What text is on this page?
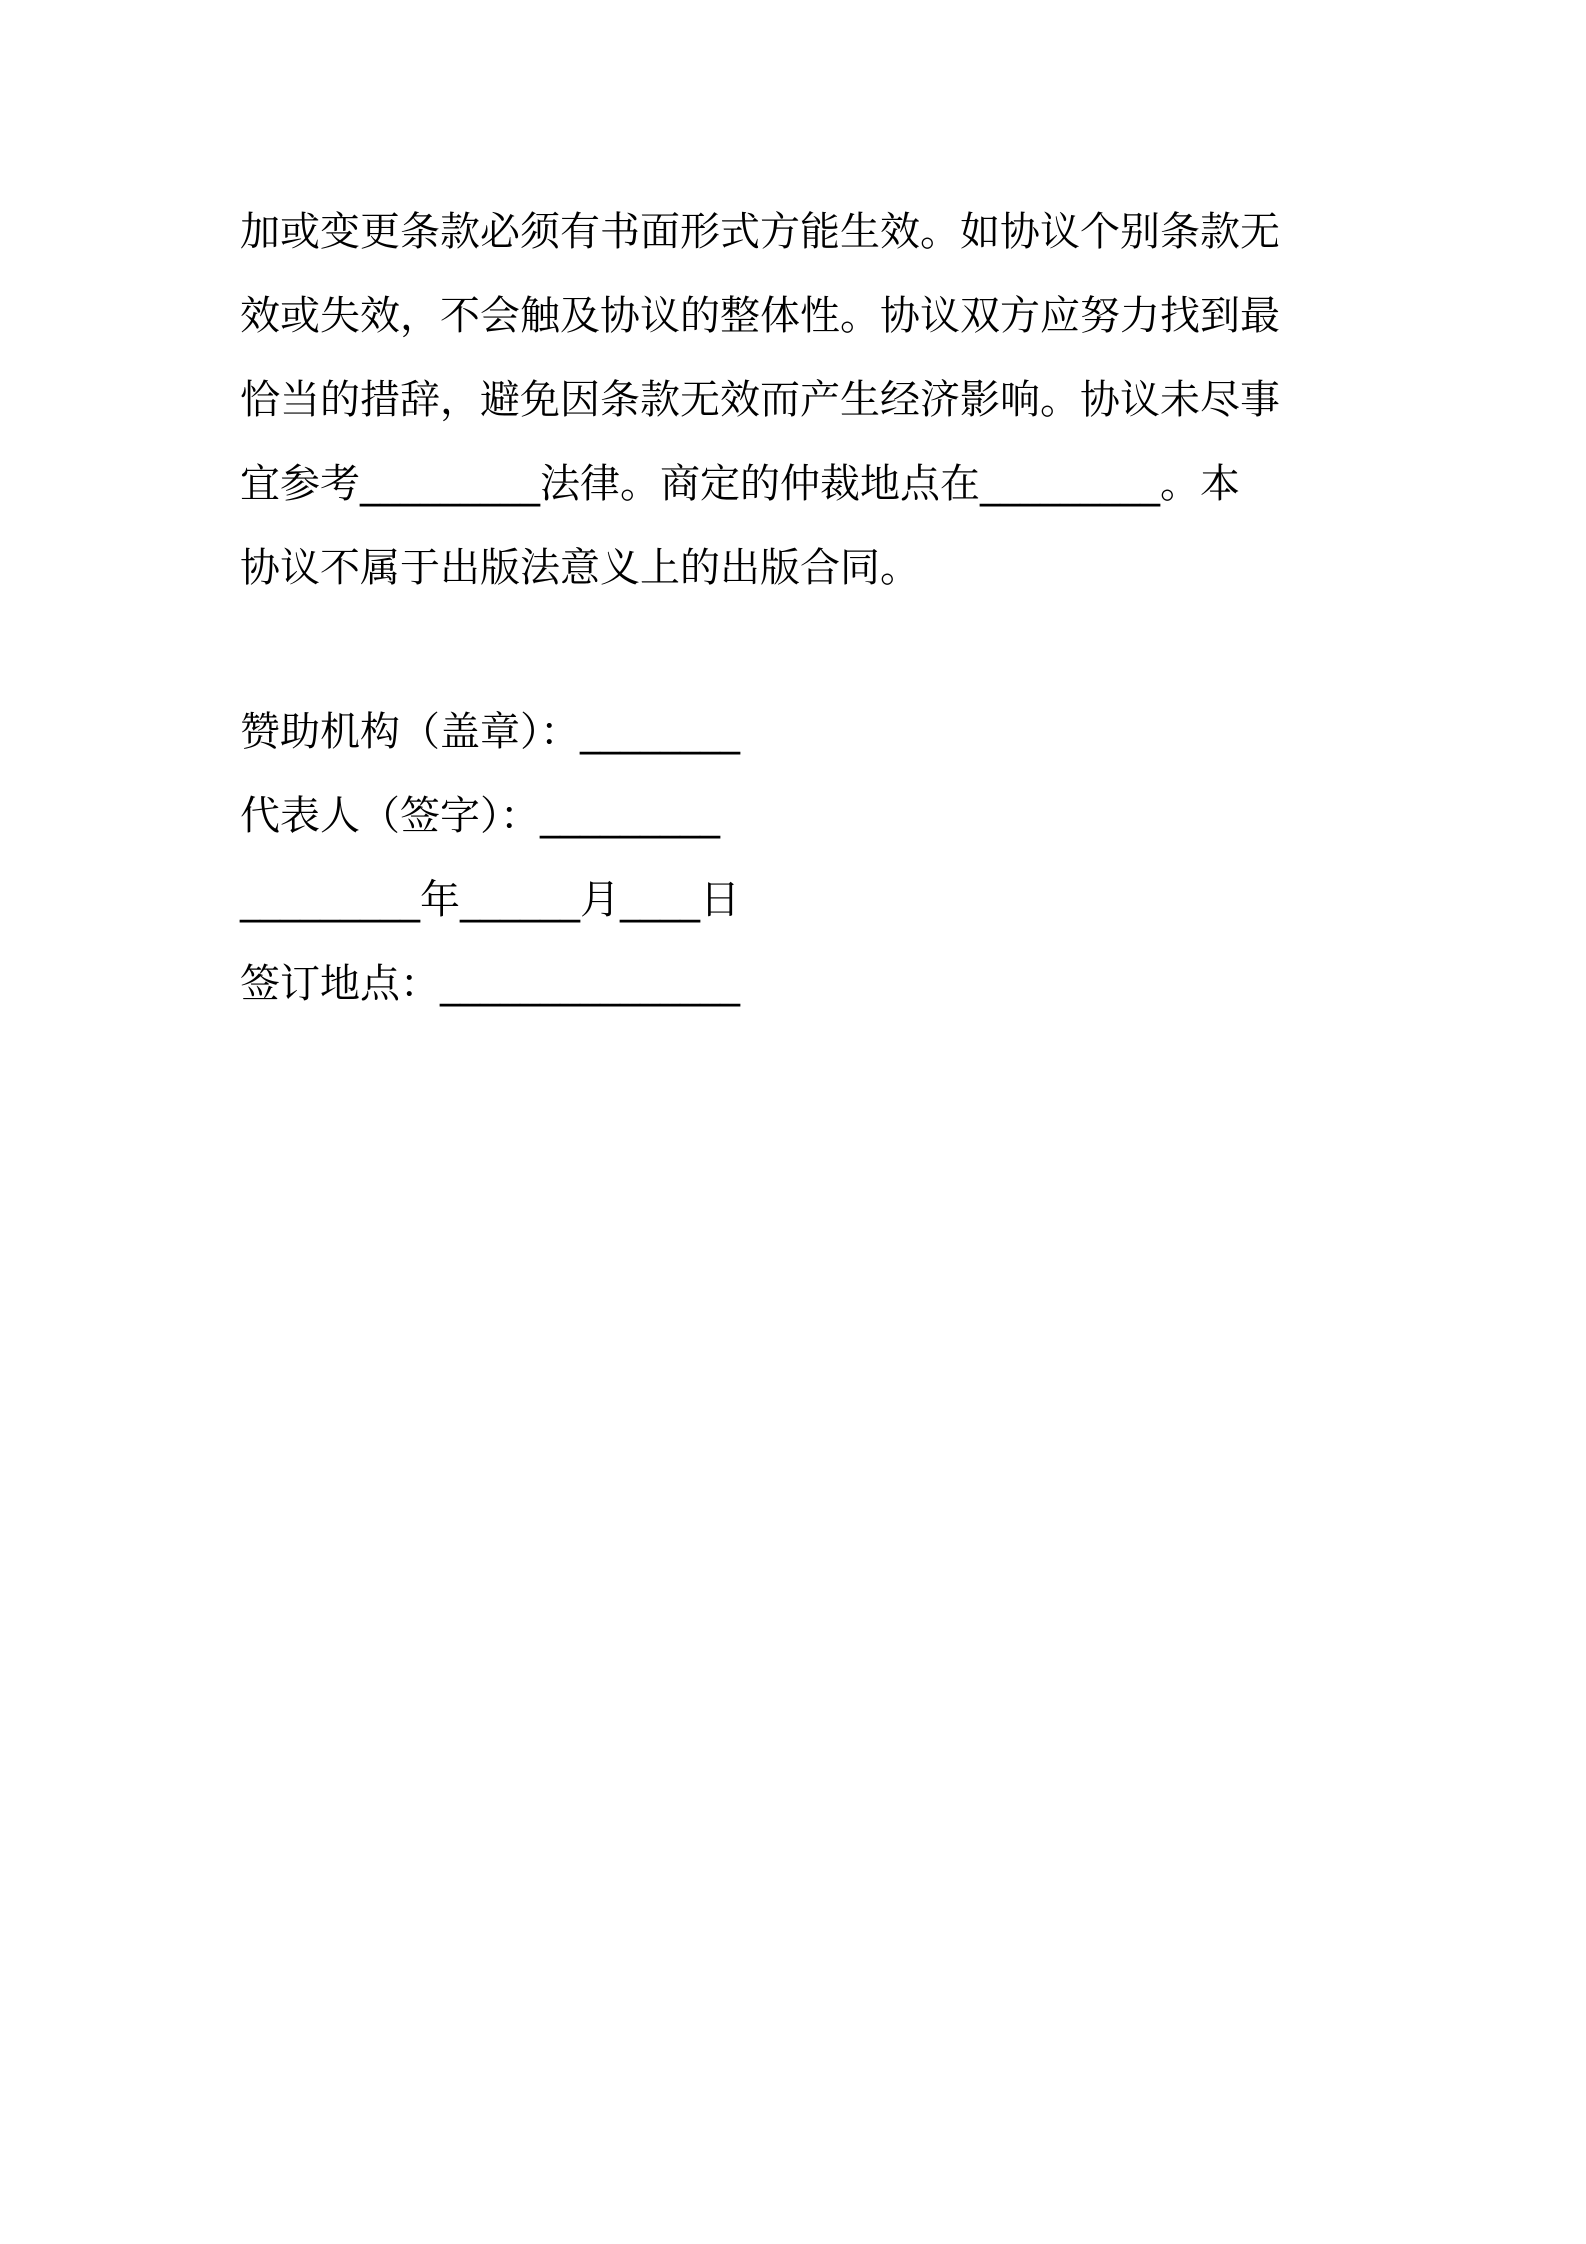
加或变更条款必须有书面形式方能生效。如协议个别条款无
效或失效，不会触及协议的整体性。协议双方应努力找到最
恰当的措辞，避免因条款无效而产生经济影响。协议未尽事
宜参考_________法律。商定的仲裁地点在_________。本
协议不属于出版法意义上的出版合同。
赞助机构（盖章）：________
代表人（签字）：_________
_________年______月____日
签订地点：_______________
